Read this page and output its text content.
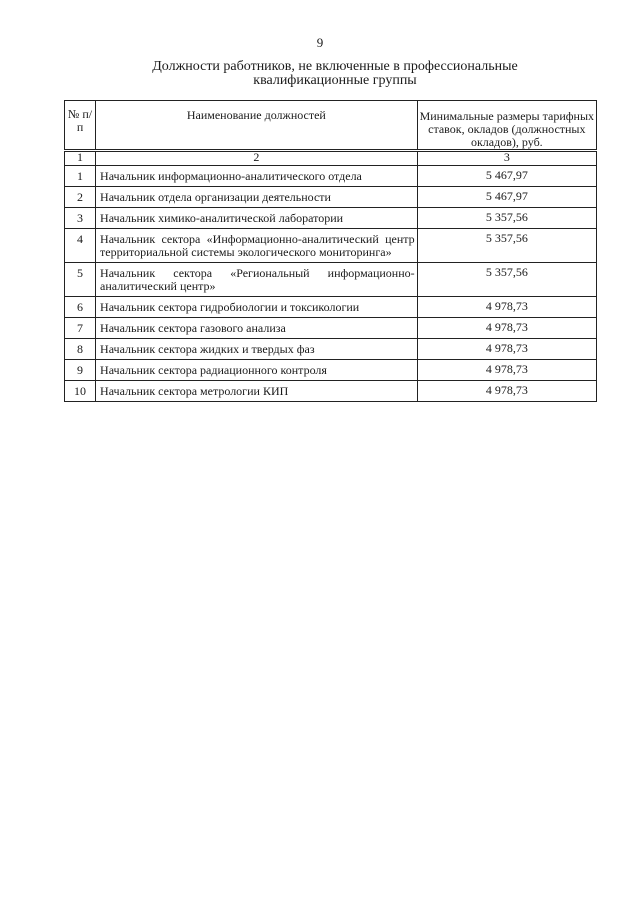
9
Должности работников, не включенные в профессиональные
квалификационные группы
№ п/п	Наименование должностей	Минимальные размеры тарифных ставок, окладов (должностных окладов), руб.
1	2	3
1	Начальник информационно-аналитического отдела	5 467,97
2	Начальник отдела организации деятельности	5 467,97
3	Начальник химико-аналитической лаборатории	5 357,56
4	Начальник сектора «Информационно-аналитический центр территориальной системы экологического мониторинга»	5 357,56
5	Начальник сектора «Региональный информационно-аналитический центр»	5 357,56
6	Начальник сектора гидробиологии и токсикологии	4 978,73
7	Начальник сектора газового анализа	4 978,73
8	Начальник сектора жидких и твердых фаз	4 978,73
9	Начальник сектора радиационного контроля	4 978,73
10	Начальник сектора метрологии КИП	4 978,73
